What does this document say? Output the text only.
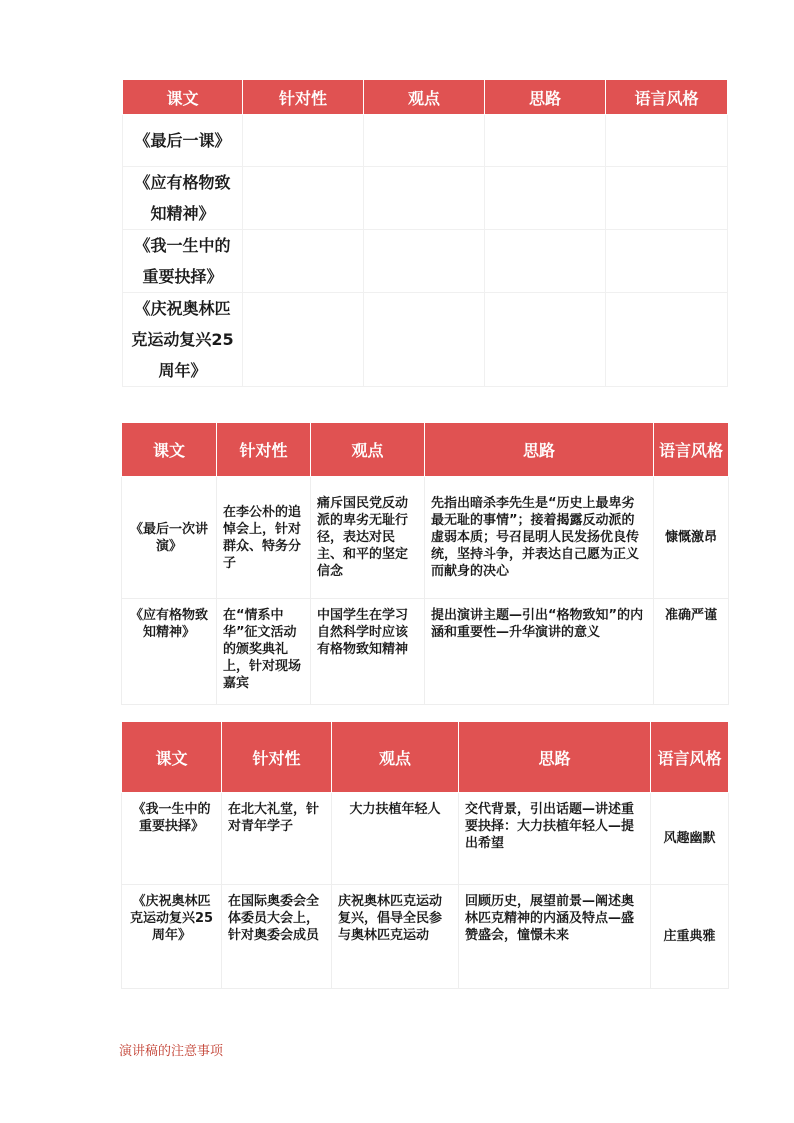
课文	针对性	观点	思路	语言风格
《最后一课》				
《应有格物致知精神》				
《我一生中的重要抉择》				
《庆祝奥林匹克运动复兴25周年》				
课文	针对性	观点	思路	语言风格
《最后一次讲演》	在李公朴的追悼会上，针对群众、特务分子	痛斥国民党反动派的卑劣无耻行径，表达对民主、和平的坚定信念	先指出暗杀李先生是“历史上最卑劣最无耻的事情”；接着揭露反动派的虚弱本质；号召昆明人民发扬优良传统，坚持斗争，并表达自己愿为正义而献身的决心	慷慨激昂
《应有格物致知精神》	在“情系中华”征文活动的颁奖典礼上，针对现场嘉宾	中国学生在学习自然科学时应该有格物致知精神	提出演讲主题—引出“格物致知”的内涵和重要性—升华演讲的意义	准确严谨
课文	针对性	观点	思路	语言风格
《我一生中的重要抉择》	在北大礼堂，针对青年学子	大力扶植年轻人	交代背景，引出话题—讲述重要抉择：大力扶植年轻人—提出希望	风趣幽默
《庆祝奥林匹克运动复兴25周年》	在国际奥委会全体委员大会上，针对奥委会成员	庆祝奥林匹克运动复兴，倡导全民参与奥林匹克运动	回顾历史，展望前景—阐述奥林匹克精神的内涵及特点—盛赞盛会，憧憬未来	庄重典雅
演讲稿的注意事项
